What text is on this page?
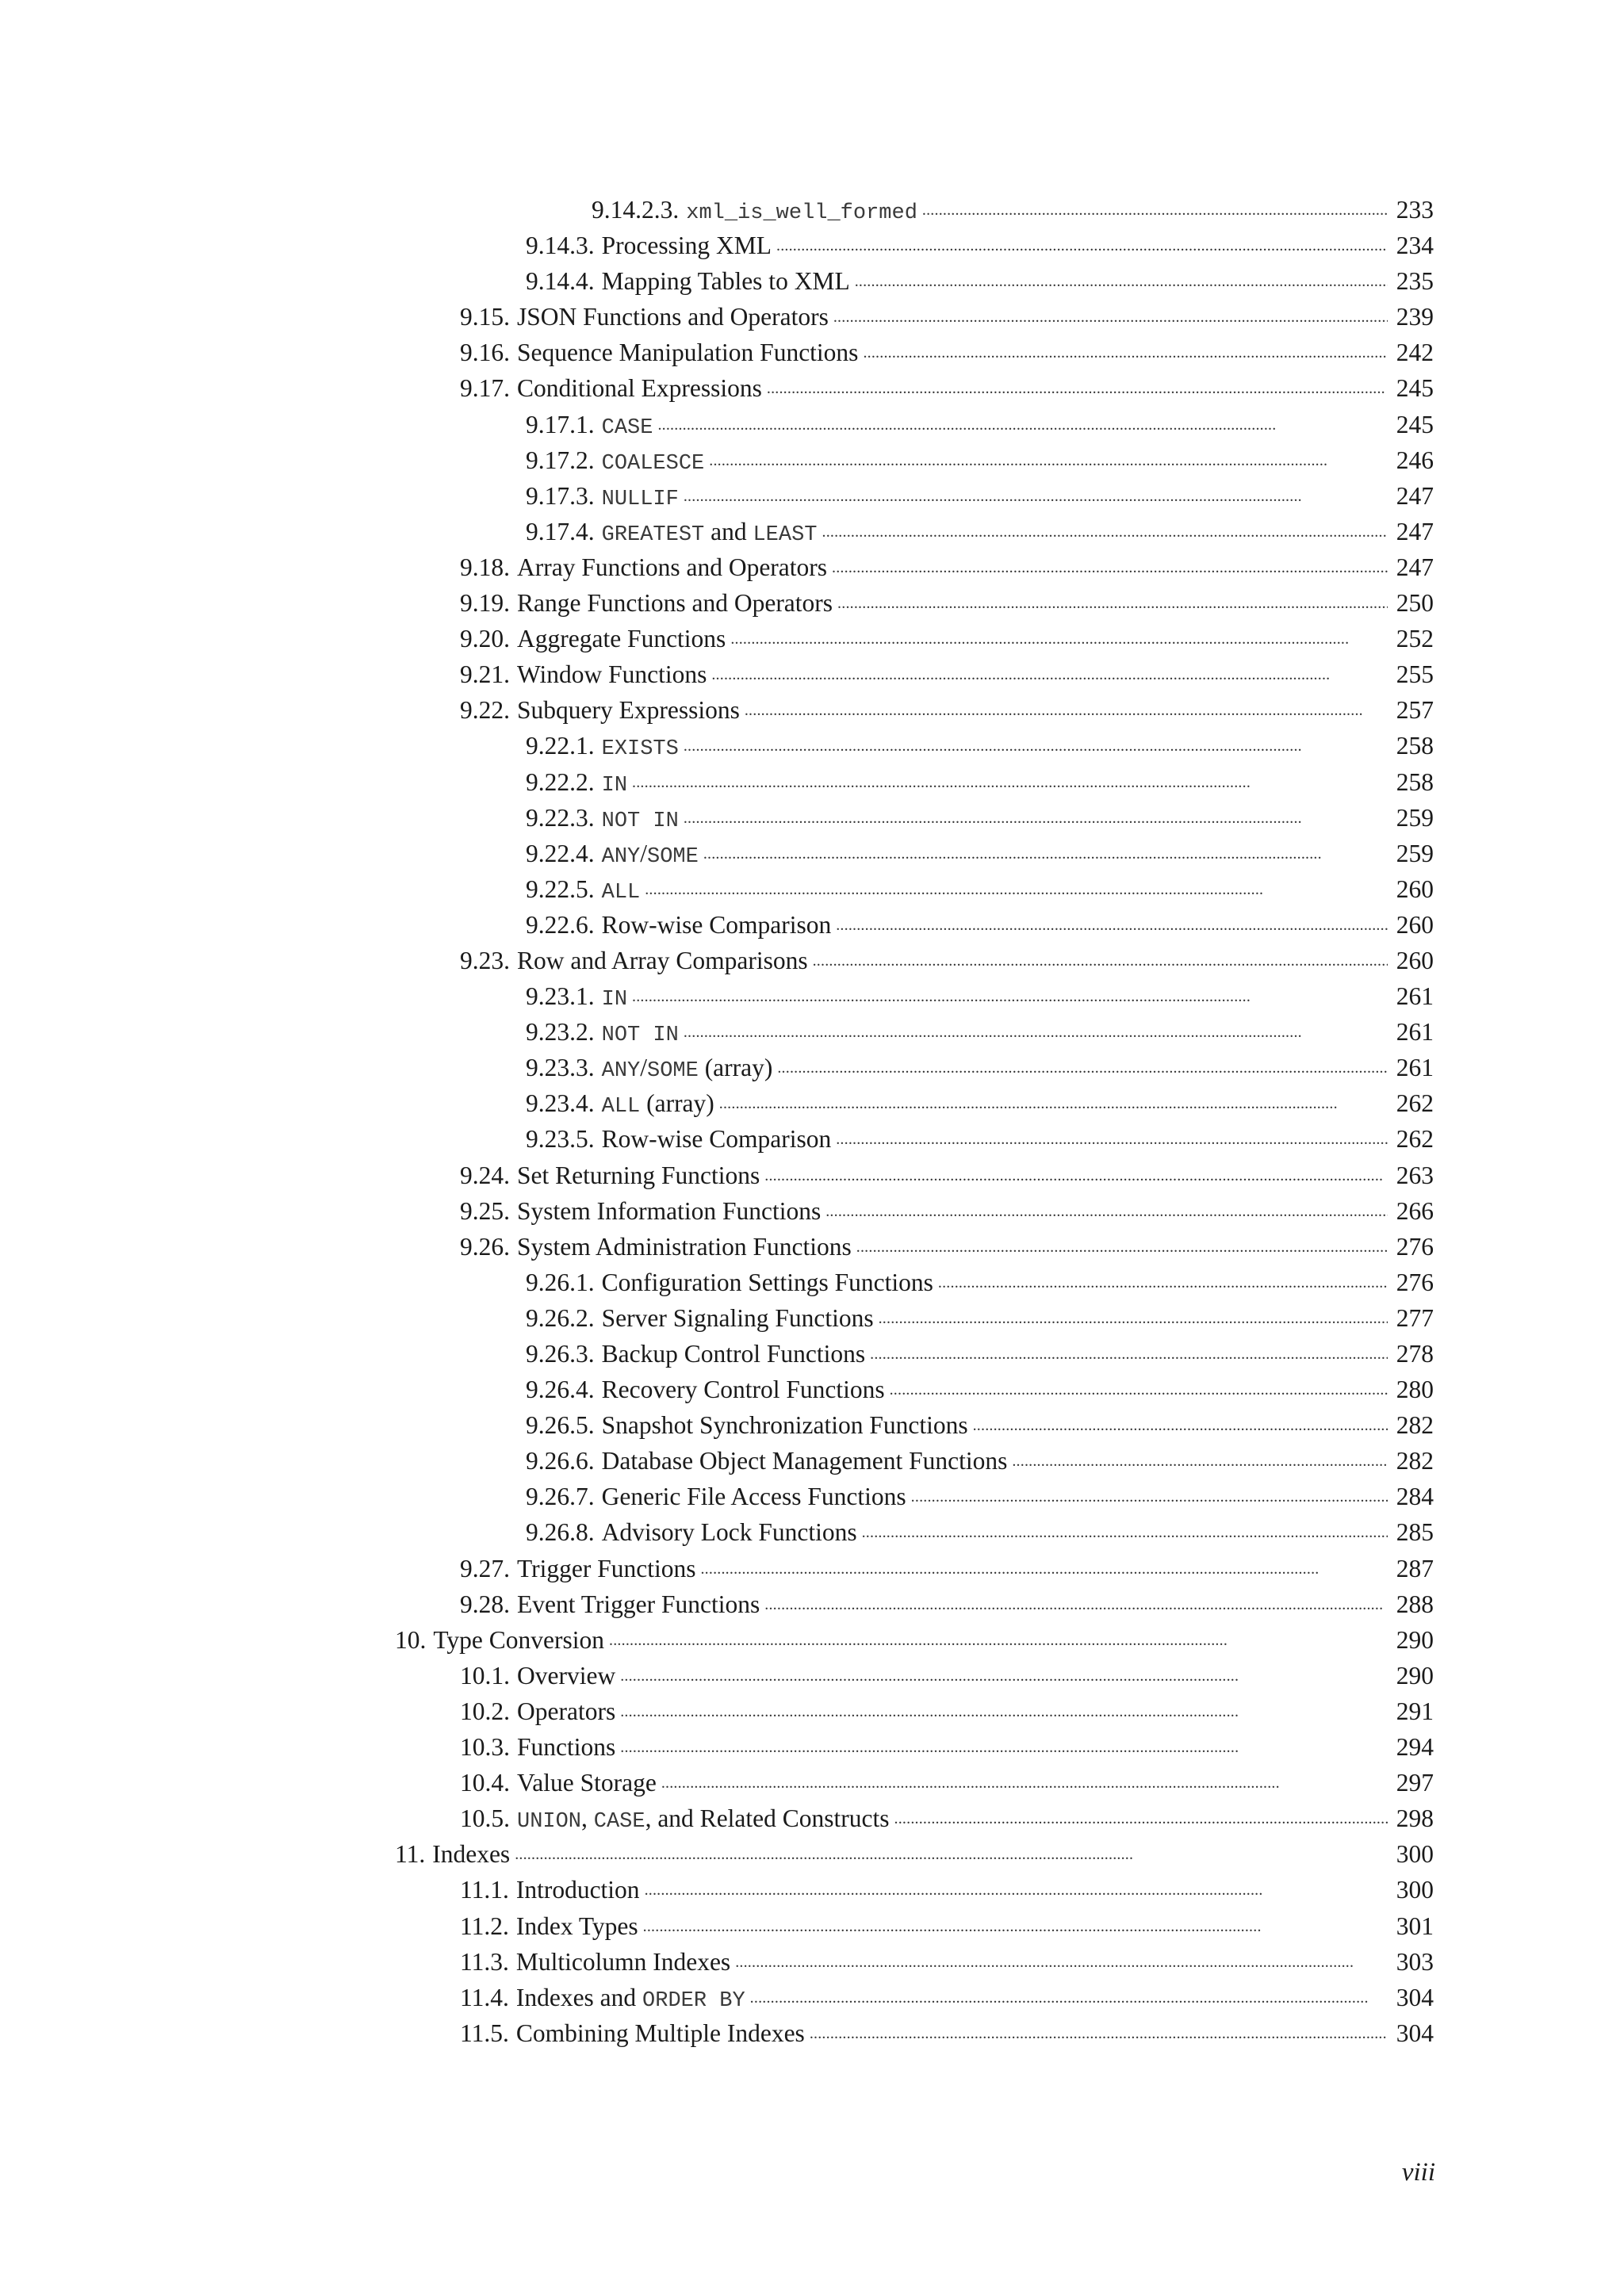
9.14.2.3. xml_is_well_formed . . .	233
9.14.3. Processing XML . . .	234
9.14.4. Mapping Tables to XML . . .	235
9.15. JSON Functions and Operators . . .	239
9.16. Sequence Manipulation Functions . . .	242
9.17. Conditional Expressions . . .	245
9.17.1. CASE . . .	245
9.17.2. COALESCE . . .	246
9.17.3. NULLIF . . .	247
9.17.4. GREATEST and LEAST . . .	247
9.18. Array Functions and Operators . . .	247
9.19. Range Functions and Operators . . .	250
9.20. Aggregate Functions . . .	252
9.21. Window Functions . . .	255
9.22. Subquery Expressions . . .	257
9.22.1. EXISTS . . .	258
9.22.2. IN . . .	258
9.22.3. NOT IN . . .	259
9.22.4. ANY / SOME . . .	259
9.22.5. ALL . . .	260
9.22.6. Row-wise Comparison . . .	260
9.23. Row and Array Comparisons . . .	260
9.23.1. IN . . .	261
9.23.2. NOT IN . . .	261
9.23.3. ANY / SOME (array) . . .	261
9.23.4. ALL (array) . . .	262
9.23.5. Row-wise Comparison . . .	262
9.24. Set Returning Functions . . .	263
9.25. System Information Functions . . .	266
9.26. System Administration Functions . . .	276
9.26.1. Configuration Settings Functions . . .	276
9.26.2. Server Signaling Functions . . .	277
9.26.3. Backup Control Functions . . .	278
9.26.4. Recovery Control Functions . . .	280
9.26.5. Snapshot Synchronization Functions . . .	282
9.26.6. Database Object Management Functions . . .	282
9.26.7. Generic File Access Functions . . .	284
9.26.8. Advisory Lock Functions . . .	285
9.27. Trigger Functions . . .	287
9.28. Event Trigger Functions . . .	288
10. Type Conversion . . .	290
10.1. Overview . . .	290
10.2. Operators . . .	291
10.3. Functions . . .	294
10.4. Value Storage . . .	297
10.5. UNION , CASE , and Related Constructs . . .	298
11. Indexes . . .	300
11.1. Introduction . . .	300
11.2. Index Types . . .	301
11.3. Multicolumn Indexes . . .	303
11.4. Indexes and ORDER BY . . .	304
11.5. Combining Multiple Indexes . . .	304
viii
